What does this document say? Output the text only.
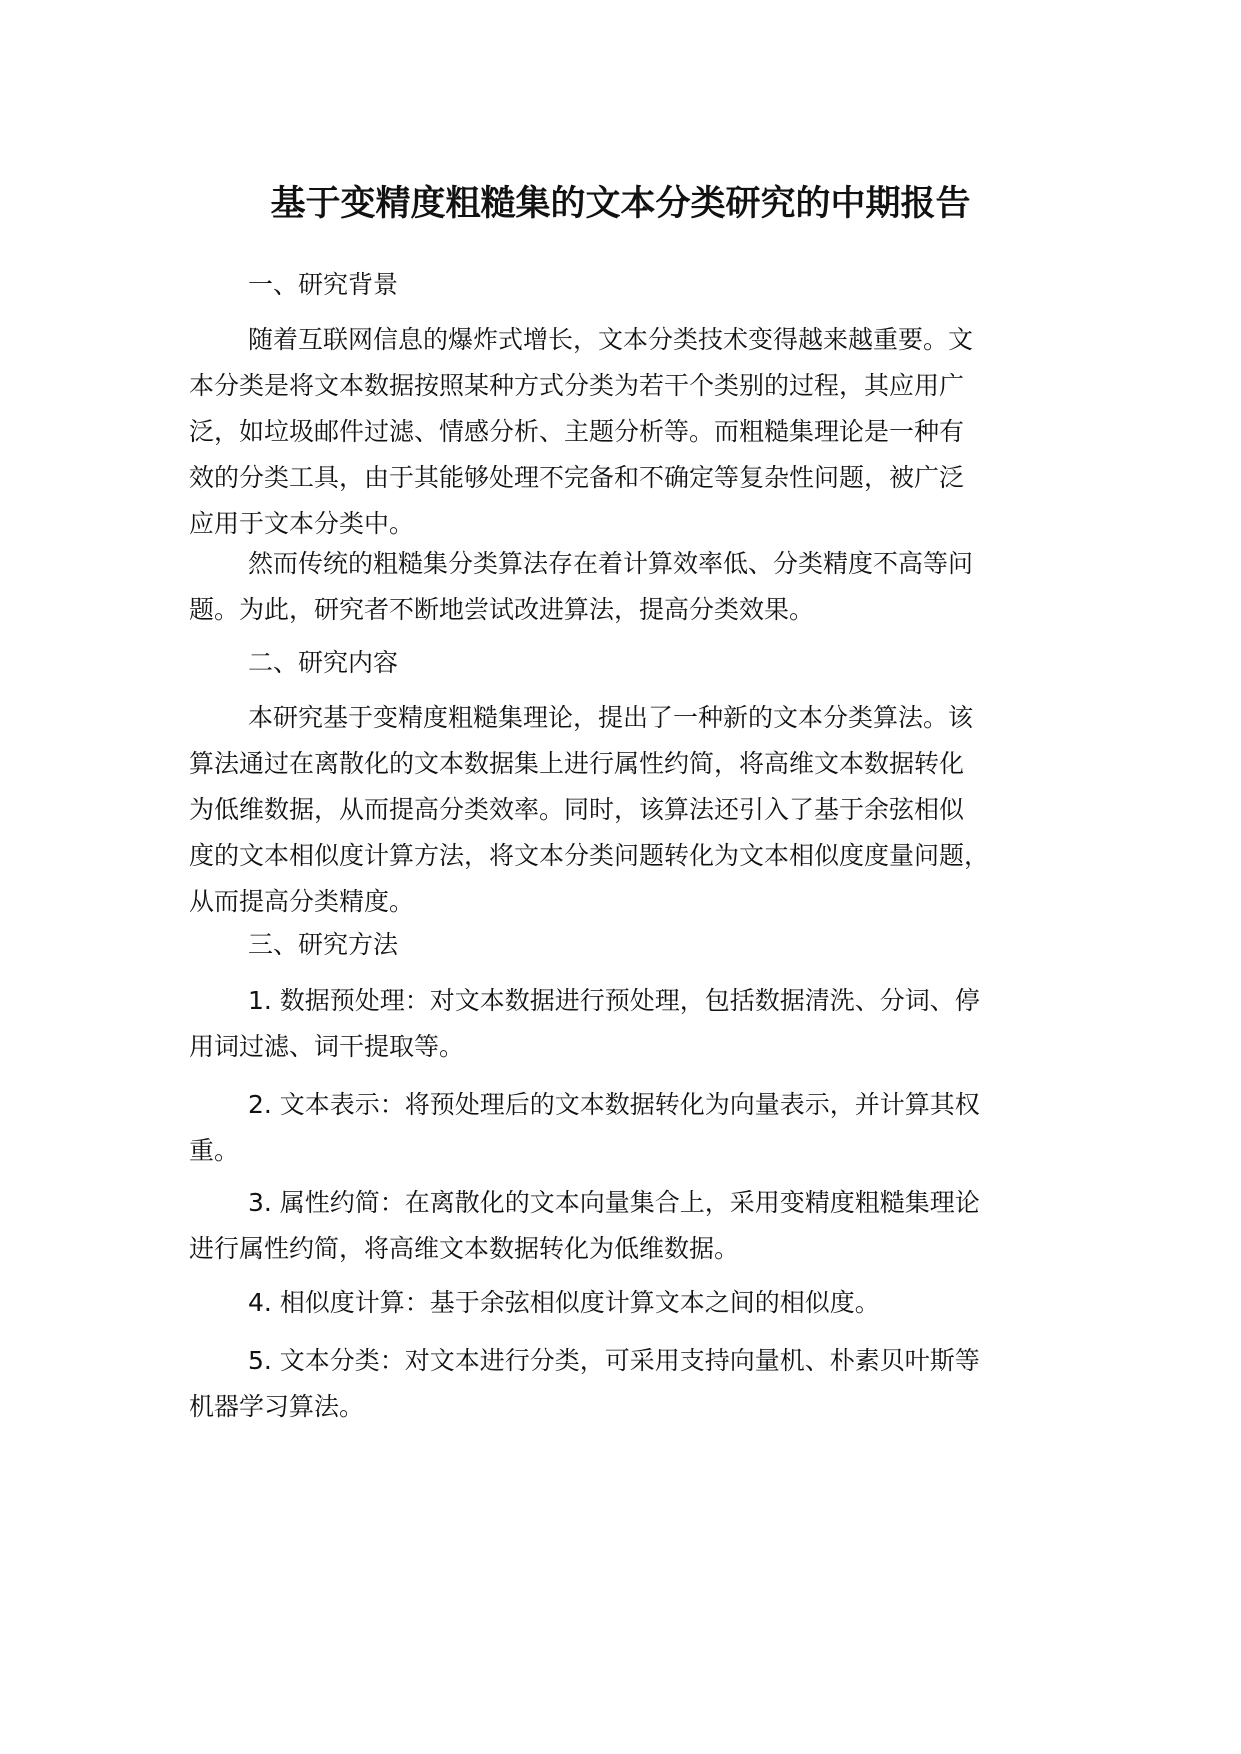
基于变精度粗糙集的文本分类研究的中期报告
一、研究背景

随着互联网信息的爆炸式增长，文本分类技术变得越来越重要。文

本分类是将文本数据按照某种方式分类为若干个类别的过程，其应用广

泛，如垃圾邮件过滤、情感分析、主题分析等。而粗糙集理论是一种有

效的分类工具，由于其能够处理不完备和不确定等复杂性问题，被广泛

应用于文本分类中。

然而传统的粗糙集分类算法存在着计算效率低、分类精度不高等问

题。为此，研究者不断地尝试改进算法，提高分类效果。

二、研究内容

本研究基于变精度粗糙集理论，提出了一种新的文本分类算法。该

算法通过在离散化的文本数据集上进行属性约简，将高维文本数据转化

为低维数据，从而提高分类效率。同时，该算法还引入了基于余弦相似

度的文本相似度计算方法，将文本分类问题转化为文本相似度度量问题，

从而提高分类精度。

三、研究方法

1. 数据预处理：对文本数据进行预处理，包括数据清洗、分词、停

用词过滤、词干提取等。

2. 文本表示：将预处理后的文本数据转化为向量表示，并计算其权

重。

3. 属性约简：在离散化的文本向量集合上，采用变精度粗糙集理论

进行属性约简，将高维文本数据转化为低维数据。

4. 相似度计算：基于余弦相似度计算文本之间的相似度。

5. 文本分类：对文本进行分类，可采用支持向量机、朴素贝叶斯等

机器学习算法。
